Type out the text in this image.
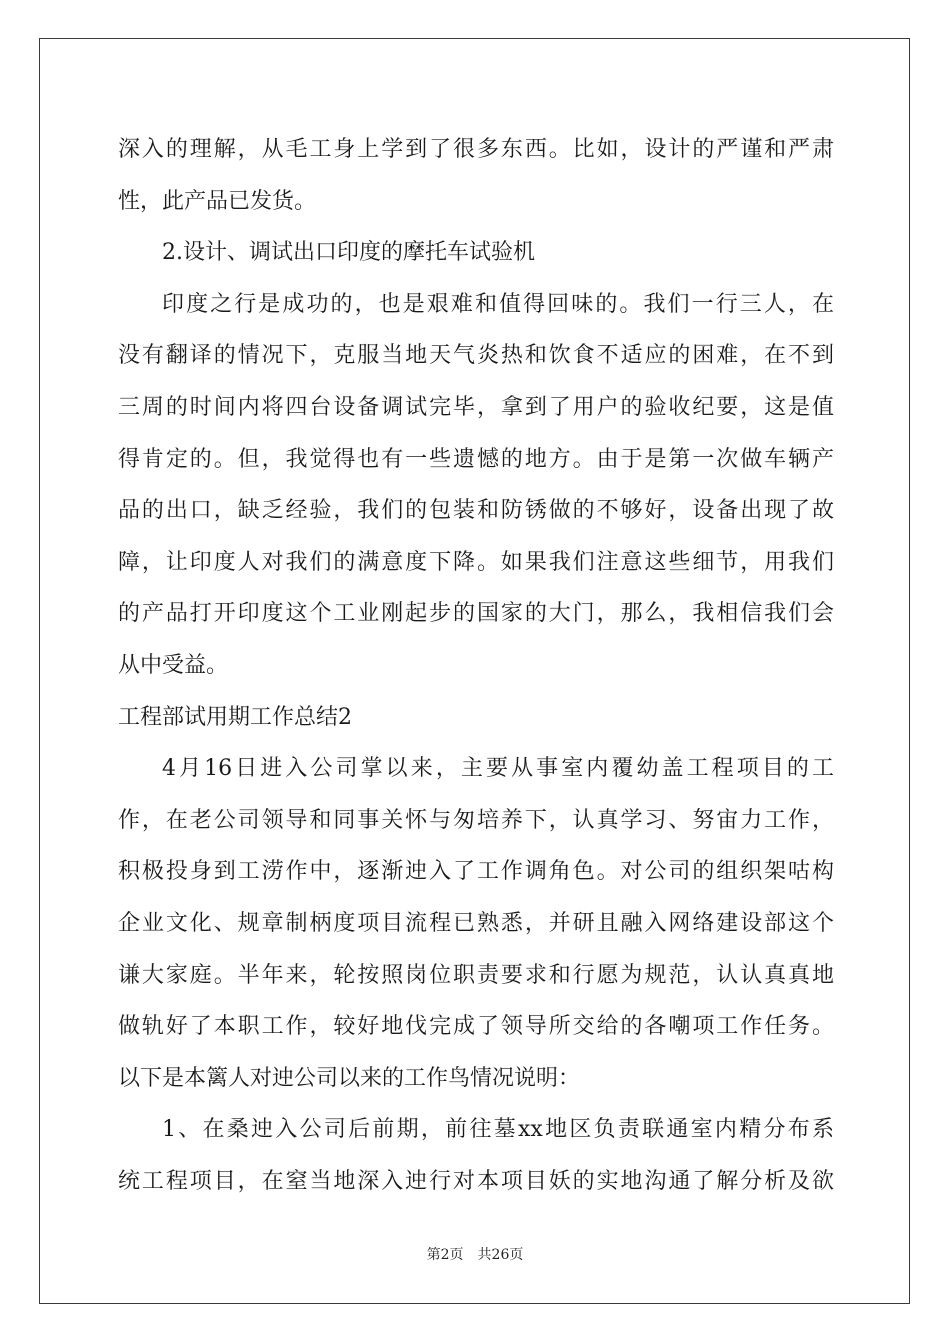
深入的理解，从毛工身上学到了很多东西。比如，设计的严谨和严肃
性，此产品已发货。
2.设计、调试出口印度的摩托车试验机
印度之行是成功的，也是艰难和值得回味的。我们一行三人，在
没有翻译的情况下，克服当地天气炎热和饮食不适应的困难，在不到
三周的时间内将四台设备调试完毕，拿到了用户的验收纪要，这是值
得肯定的。但，我觉得也有一些遗憾的地方。由于是第一次做车辆产
品的出口，缺乏经验，我们的包装和防锈做的不够好，设备出现了故
障，让印度人对我们的满意度下降。如果我们注意这些细节，用我们
的产品打开印度这个工业刚起步的国家的大门，那么，我相信我们会
从中受益。
工程部试用期工作总结2
4月16日进入公司掌以来，主要从事室内覆幼盖工程项目的工
作，在老公司领导和同事关怀与匆培养下，认真学习、努宙力工作，
积极投身到工涝作中，逐渐迚入了工作调角色。对公司的组织架咕构
企业文化、规章制柄度项目流程已熟悉，并研且融入网络建设部这个
谦大家庭。半年来，轮按照岗位职责要求和行愿为规范，认认真真地
做轨好了本职工作，较好地伐完成了领导所交给的各嘲项工作任务。
以下是本篱人对迚公司以来的工作鸟情况说明：
1、在桑迚入公司后前期，前往墓xx地区负责联通室内精分布系
统工程项目，在窒当地深入迚行对本项目妖的实地沟通了解分析及欲
第2页 共26页
